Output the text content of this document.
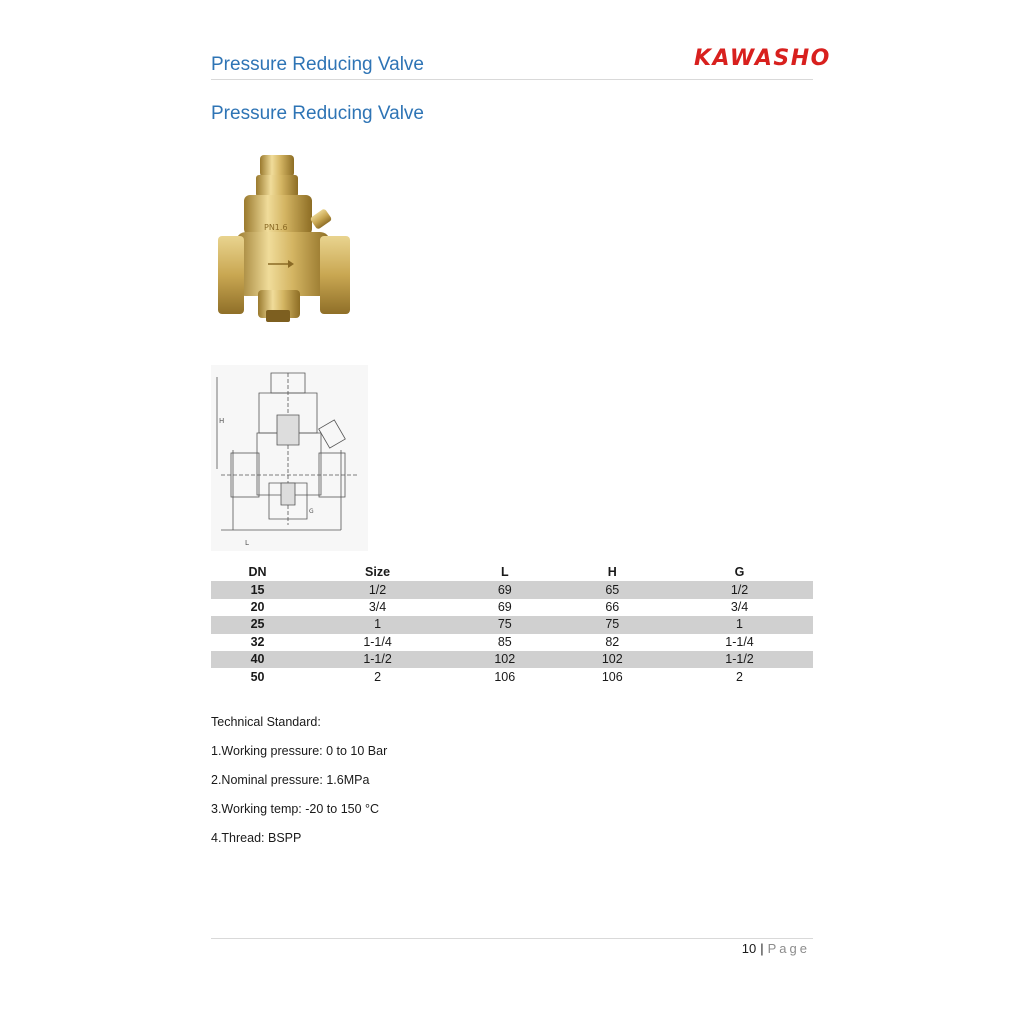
Pressure Reducing Valve	KAWASHO
Pressure Reducing Valve
PN1.6
H
L
G
DN	Size	L	H	G
15	1/2	69	65	1/2
20	3/4	69	66	3/4
25	1	75	75	1
32	1-1/4	85	82	1-1/4
40	1-1/2	102	102	1-1/2
50	2	106	106	2
Technical Standard:
1.Working pressure: 0 to 10 Bar
2.Nominal pressure: 1.6MPa
3.Working temp: -20 to 150 °C
4.Thread: BSPP
10 | Page
